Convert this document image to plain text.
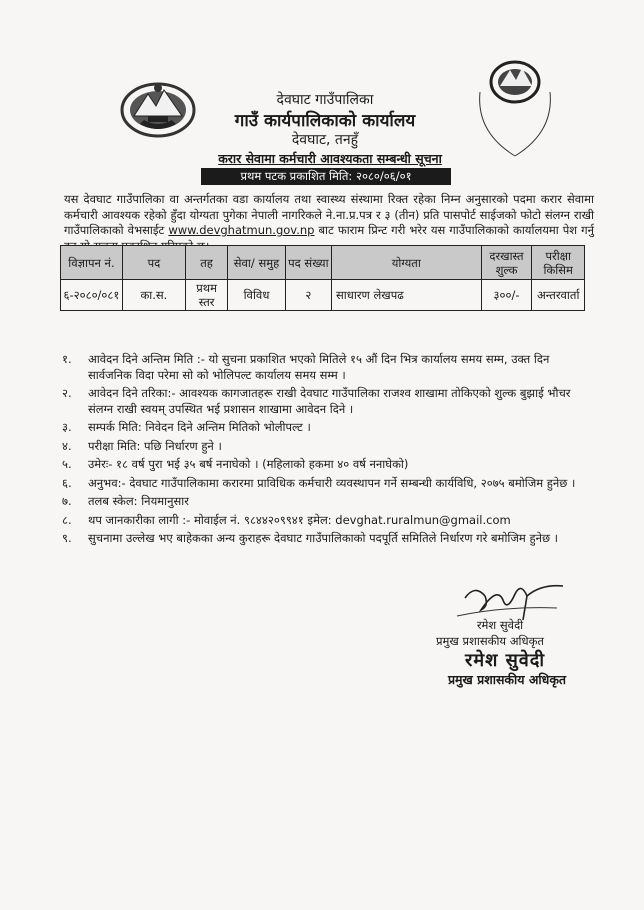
देवघाट गाउँपालिका
गाउँ कार्यपालिकाको कार्यालय
देवघाट, तनहुँ
करार सेवामा कर्मचारी आवश्यकता सम्बन्धी सूचना
प्रथम पटक प्रकाशित मिति: २०८०/०६/०१
यस देवघाट गाउँपालिका वा अन्तर्गतका वडा कार्यालय तथा स्वास्थ्य संस्थामा रिक्त रहेका निम्न अनुसारको पदमा करार सेवामा कर्मचारी आवश्यक रहेको हुँदा योग्यता पुगेका नेपाली नागरिकले ने.ना.प्र.पत्र र ३ (तीन) प्रति पासपोर्ट साईजको फोटो संलग्न राखी गाउँपालिकाको वेभसाईट www.devghatmun.gov.np बाट फाराम प्रिन्ट गरी भरेर यस गाउँपालिकाको कार्यालयमा पेश गर्नु
विज्ञापन नं.	पद	तह	सेवा/ समुह	पद संख्या	योग्यता	दरखास्त शुल्क	परीक्षा किसिम
६-२०८०/०८१	का.स.	प्रथम स्तर	विविध	२	साधारण लेखपढ	३००/-	अन्तरवार्ता
१.	आवेदन दिने अन्तिम मिति :- यो सुचना प्रकाशित भएको मितिले १५ औं दिन भित्र कार्यालय समय सम्म, उक्त दिन सार्वजनिक विदा परेमा सो को भोलिपल्ट कार्यालय समय सम्म ।
२.	आवेदन दिने तरिका:- आवश्यक कागजातहरू राखी देवघाट गाउँपालिका राजश्व शाखामा तोकिएको शुल्क बुझाई भौचर संलग्न राखी स्वयम् उपस्थित भई प्रशासन शाखामा आवेदन दिने ।
३.	सम्पर्क मिति: निवेदन दिने अन्तिम मितिको भोलीपल्ट ।
४.	परीक्षा मिति: पछि निर्धारण हुने ।
५.	उमेरः- १८ वर्ष पुरा भई ३५ बर्ष ननाघेको । (महिलाको हकमा ४० वर्ष ननाघेको)
६.	अनुभव:- देवघाट गाउँपालिकामा करारमा प्राविधिक कर्मचारी व्यवस्थापन गर्ने सम्बन्धी कार्यविधि, २०७५ बमोजिम हुनेछ ।
७.	तलब स्केल: नियमानुसार
८.	थप जानकारीका लागी :- मोवाईल नं. ९८४४२०९९४१ इमेल: devghat.ruralmun@gmail.com
९.	सुचनामा उल्लेख भए बाहेकका अन्य कुराहरू देवघाट गाउँपालिकाको पदपूर्ति समितिले निर्धारण गरे बमोजिम हुनेछ ।
रमेश सुवेदी
प्रमुख प्रशासकीय अधिकृत
रमेश सुवेदी
प्रमुख प्रशासकीय अधिकृत
